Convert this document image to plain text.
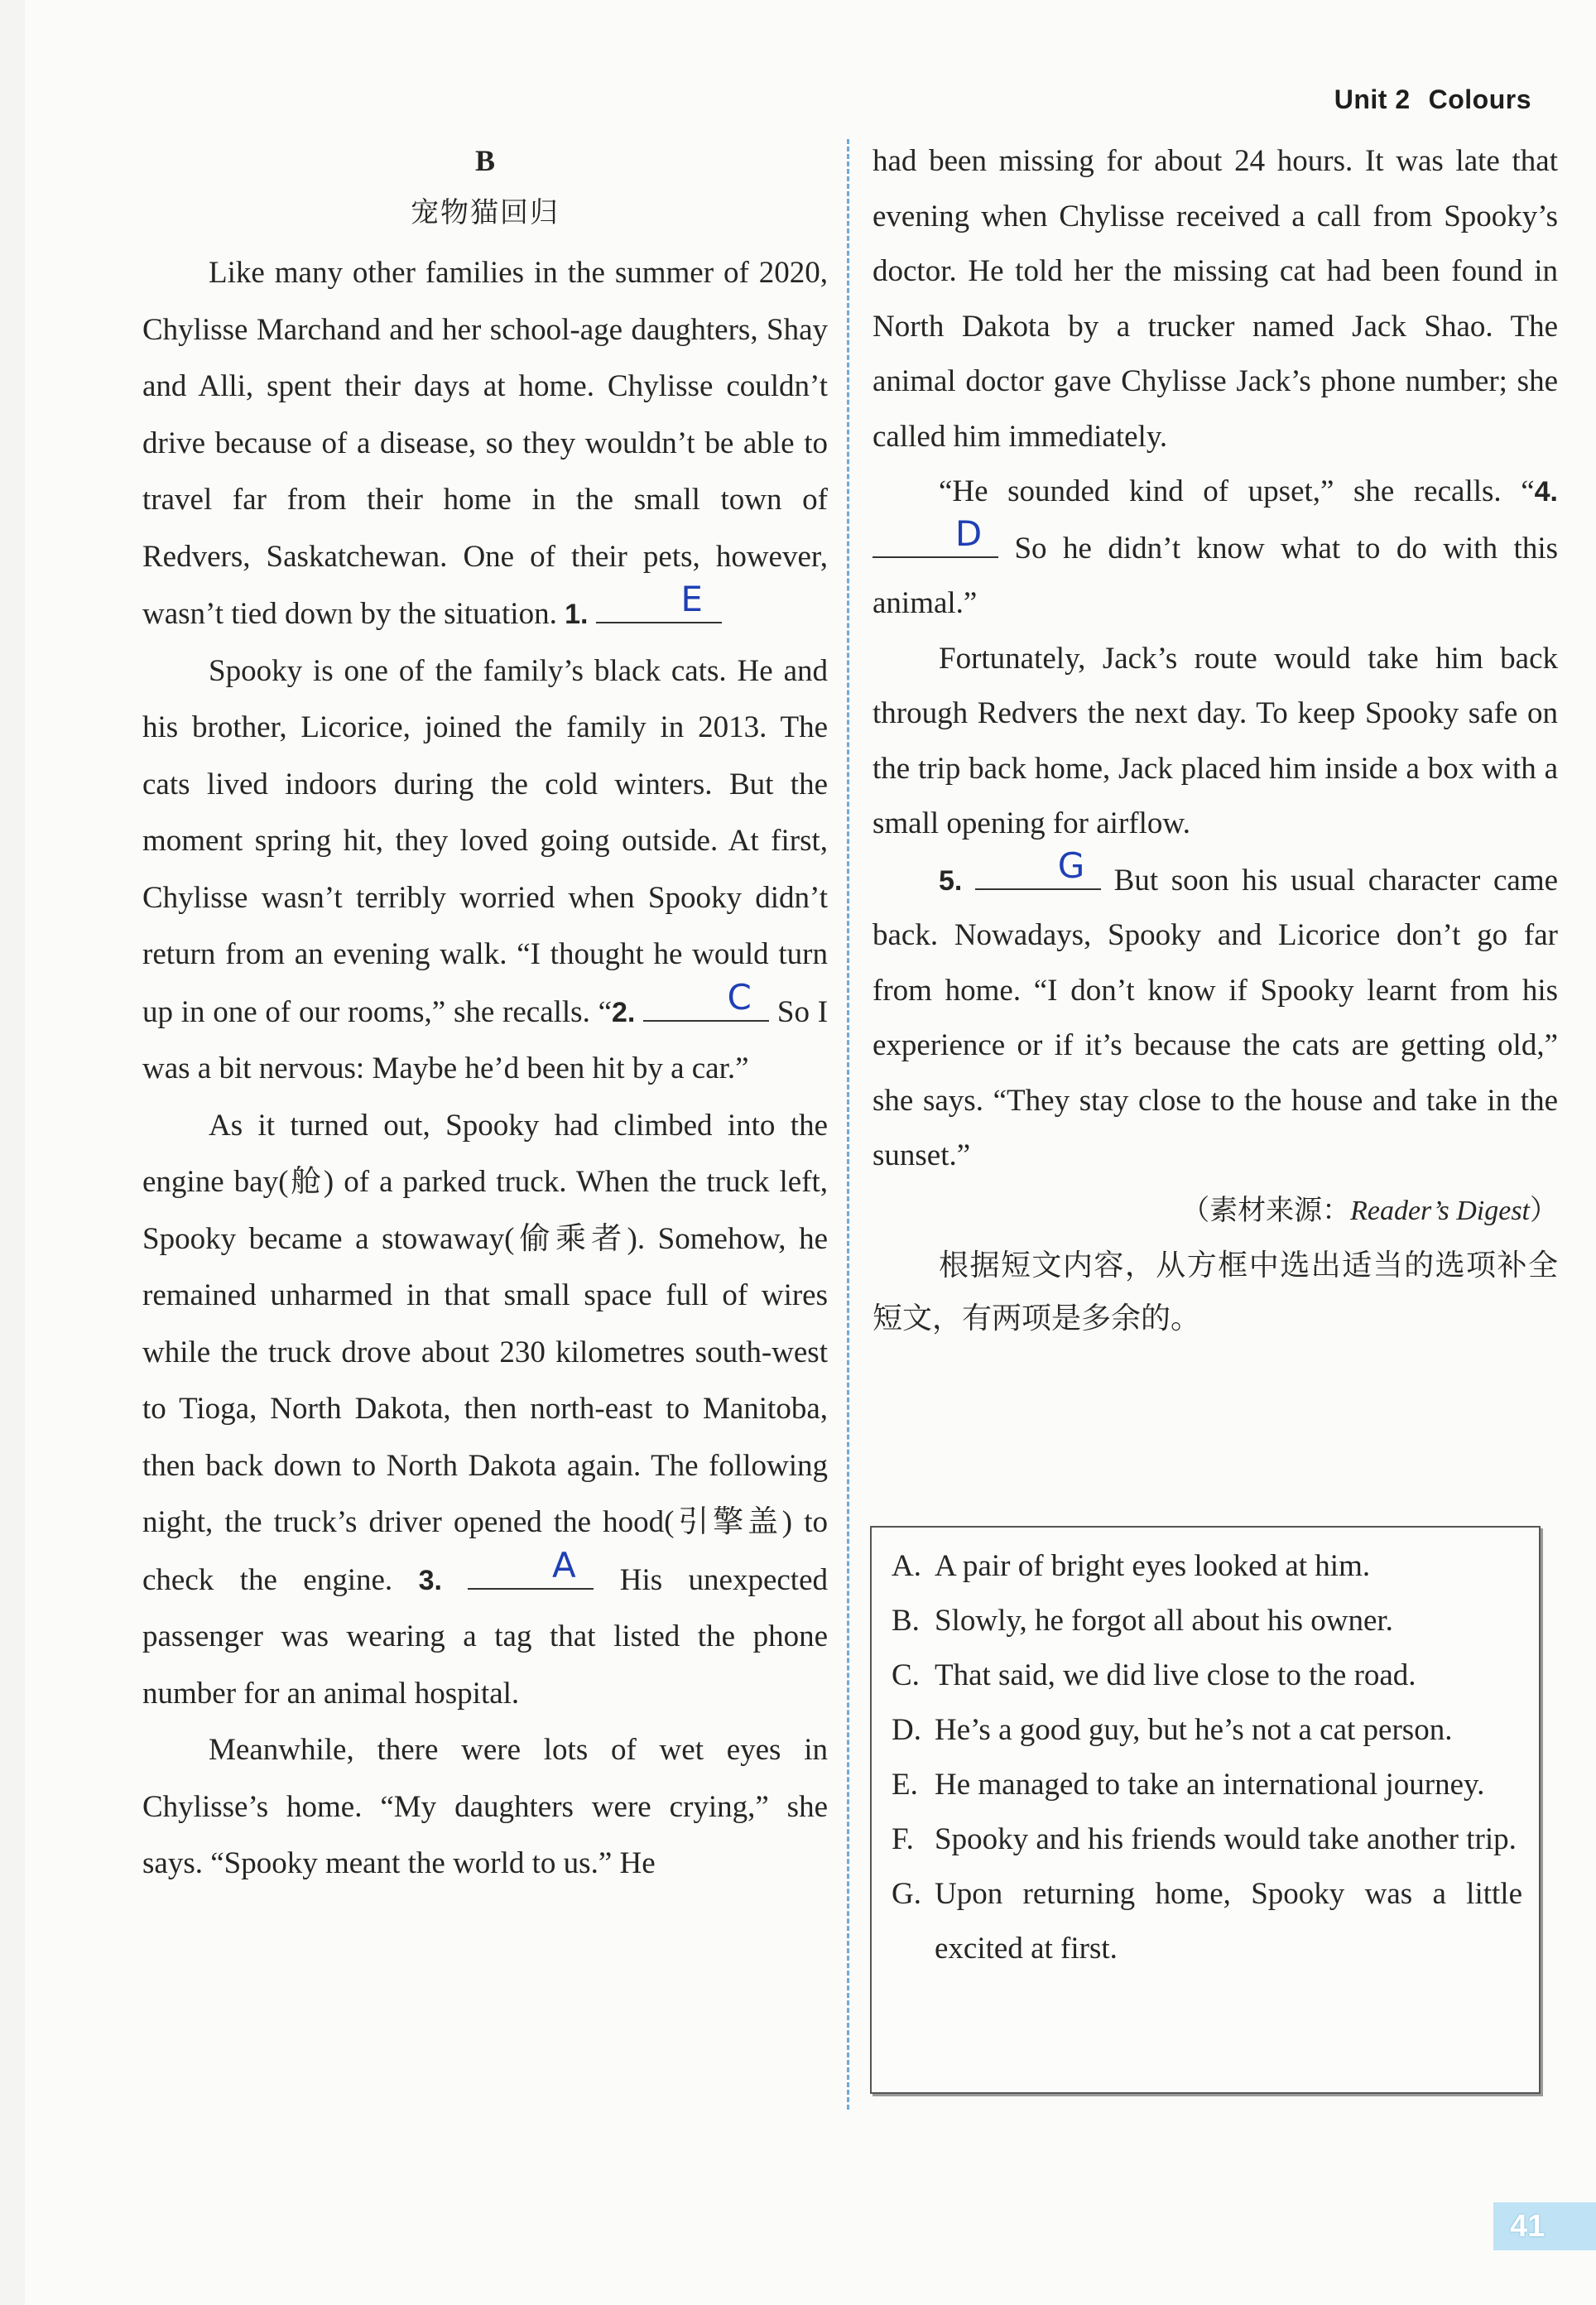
Unit 2 Colours

B

宠物猫回归

Like many other families in the summer of 2020, Chylisse Marchand and her school-age daughters, Shay and Alli, spent their days at home. Chylisse couldn’t drive because of a disease, so they wouldn’t be able to travel far from their home in the small town of Redvers, Saskatchewan. One of their pets, however, wasn’t tied down by the situation. 1.	E

Spooky is one of the family’s black cats. He and his brother, Licorice, joined the family in 2013. The cats lived indoors during the cold winters. But the moment spring hit, they loved going outside. At first, Chylisse wasn’t terribly worried when Spooky didn’t return from an evening walk. “I thought he would turn up in one of our rooms,” she recalls. “2.	C So I was a bit nervous: Maybe he’d been hit by a car.”

As it turned out, Spooky had climbed into the engine bay(舱) of a parked truck. When the truck left, Spooky became a stowaway(偷乘者). Somehow, he remained unharmed in that small space full of wires while the truck drove about 230 kilometres south-west to Tioga, North Dakota, then north-east to Manitoba, then back down to North Dakota again. The following night, the truck’s driver opened the hood(引擎盖) to check the engine. 3.	A	His unexpected passenger was wearing a tag that listed the phone number for an animal hospital.

Meanwhile, there were lots of wet eyes in Chylisse’s home. “My daughters were crying,” she says. “Spooky meant the world to us.” He

had been missing for about 24 hours. It was late that evening when Chylisse received a call from Spooky’s doctor. He told her the missing cat had been found in North Dakota by a trucker named Jack Shao. The animal doctor gave Chylisse Jack’s phone number; she called him immediately.

“He sounded kind of upset,” she recalls. “4.
D	So he didn’t know what to do with this animal.”

Fortunately, Jack’s route would take him back through Redvers the next day. To keep Spooky safe on the trip back home, Jack placed him inside a box with a small opening for airflow.

5.	G But soon his usual character came back. Nowadays, Spooky and Licorice don’t go far from home. “I don’t know if Spooky learnt from his experience or if it’s because the cats are getting old,” she says. “They stay close to the house and take in the sunset.”

（素材来源：Reader’s Digest）

根据短文内容，从方框中选出适当的选项补全短文，有两项是多余的。

A. A pair of bright eyes looked at him.
B. Slowly, he forgot all about his owner.
C. That said, we did live close to the road.
D. He’s a good guy, but he’s not a cat person.
E. He managed to take an international journey.
F. Spooky and his friends would take another trip.
G. Upon returning home, Spooky was a little excited at first.
41
